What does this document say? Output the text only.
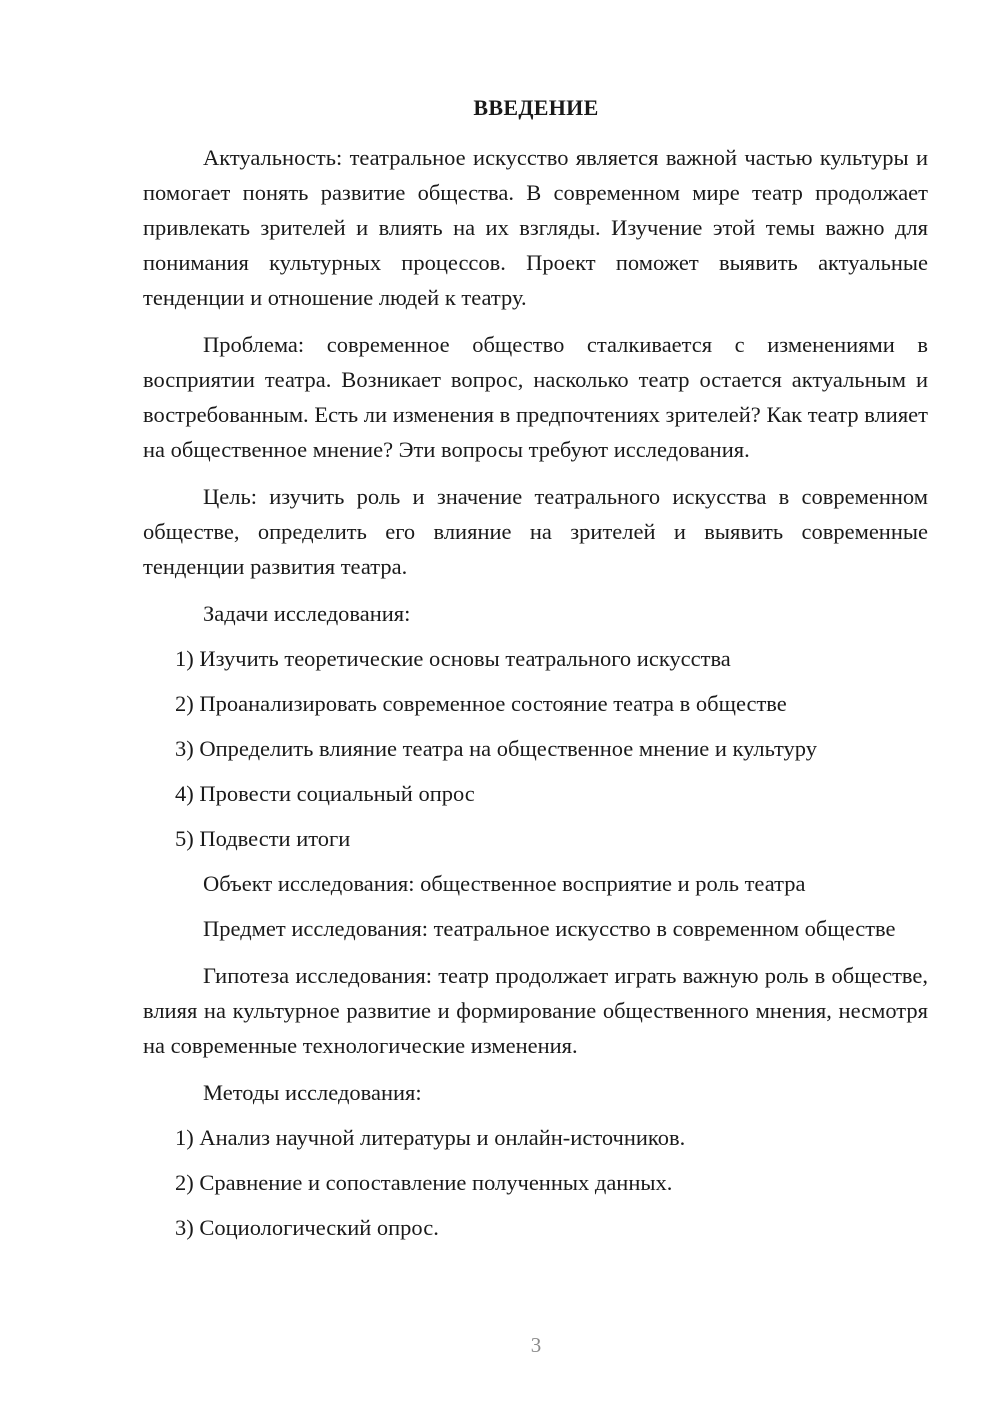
ВВЕДЕНИЕ

Актуальность: театральное искусство является важной частью культуры и помогает понять развитие общества. В современном мире театр продолжает привлекать зрителей и влиять на их взгляды. Изучение этой темы важно для понимания культурных процессов. Проект поможет выявить актуальные тенденции и отношение людей к театру.

Проблема: современное общество сталкивается с изменениями в восприятии театра. Возникает вопрос, насколько театр остается актуальным и востребованным. Есть ли изменения в предпочтениях зрителей? Как театр влияет на общественное мнение? Эти вопросы требуют исследования.

Цель: изучить роль и значение театрального искусства в современном обществе, определить его влияние на зрителей и выявить современные тенденции развития театра.

Задачи исследования:

1) Изучить теоретические основы театрального искусства
2) Проанализировать современное состояние театра в обществе
3) Определить влияние театра на общественное мнение и культуру
4) Провести социальный опрос
5) Подвести итоги

Объект исследования: общественное восприятие и роль театра

Предмет исследования: театральное искусство в современном обществе

Гипотеза исследования: театр продолжает играть важную роль в обществе, влияя на культурное развитие и формирование общественного мнения, несмотря на современные технологические изменения.

Методы исследования:

1) Анализ научной литературы и онлайн-источников.
2) Сравнение и сопоставление полученных данных.
3) Социологический опрос.
3
